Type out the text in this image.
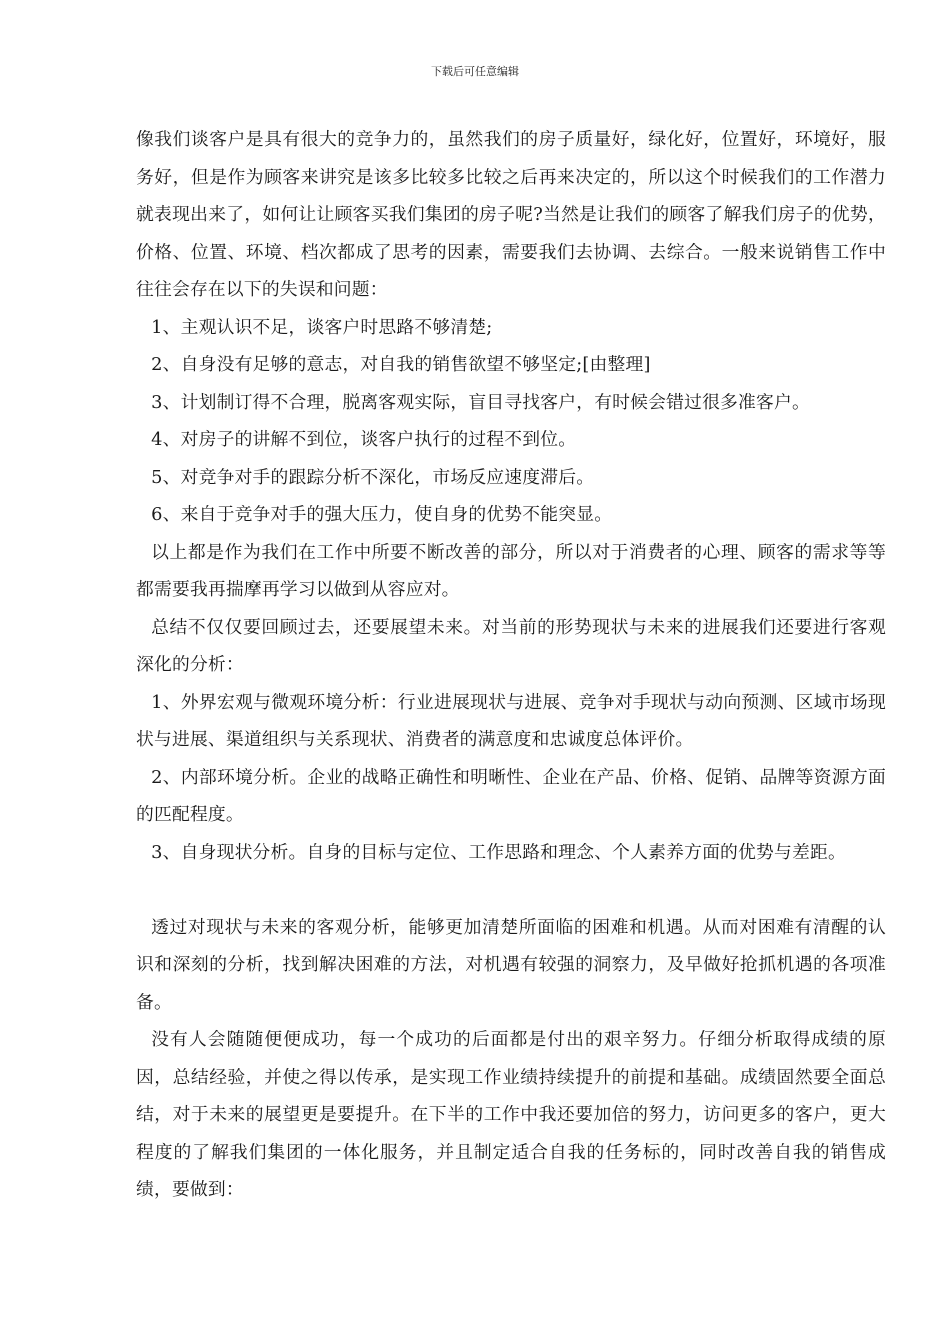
下载后可任意编辑

像我们谈客户是具有很大的竞争力的，虽然我们的房子质量好，绿化好，位置好，环境好，服务好，但是作为顾客来讲究是该多比较多比较之后再来决定的，所以这个时候我们的工作潜力就表现出来了，如何让让顾客买我们集团的房子呢?当然是让我们的顾客了解我们房子的优势，价格、位置、环境、档次都成了思考的因素，需要我们去协调、去综合。一般来说销售工作中往往会存在以下的失误和问题：

1、主观认识不足，谈客户时思路不够清楚;

2、自身没有足够的意志，对自我的销售欲望不够坚定;[由整理]

3、计划制订得不合理，脱离客观实际，盲目寻找客户，有时候会错过很多准客户。

4、对房子的讲解不到位，谈客户执行的过程不到位。

5、对竞争对手的跟踪分析不深化，市场反应速度滞后。

6、来自于竞争对手的强大压力，使自身的优势不能突显。

以上都是作为我们在工作中所要不断改善的部分，所以对于消费者的心理、顾客的需求等等都需要我再揣摩再学习以做到从容应对。

总结不仅仅要回顾过去，还要展望未来。对当前的形势现状与未来的进展我们还要进行客观深化的分析：

1、外界宏观与微观环境分析：行业进展现状与进展、竞争对手现状与动向预测、区域市场现状与进展、渠道组织与关系现状、消费者的满意度和忠诚度总体评价。

2、内部环境分析。企业的战略正确性和明晰性、企业在产品、价格、促销、品牌等资源方面的匹配程度。

3、自身现状分析。自身的目标与定位、工作思路和理念、个人素养方面的优势与差距。

透过对现状与未来的客观分析，能够更加清楚所面临的困难和机遇。从而对困难有清醒的认识和深刻的分析，找到解决困难的方法，对机遇有较强的洞察力，及早做好抢抓机遇的各项准备。

没有人会随随便便成功，每一个成功的后面都是付出的艰辛努力。仔细分析取得成绩的原因，总结经验，并使之得以传承，是实现工作业绩持续提升的前提和基础。成绩固然要全面总结，对于未来的展望更是要提升。在下半的工作中我还要加倍的努力，访问更多的客户，更大程度的了解我们集团的一体化服务，并且制定适合自我的任务标的，同时改善自我的销售成绩，要做到：
